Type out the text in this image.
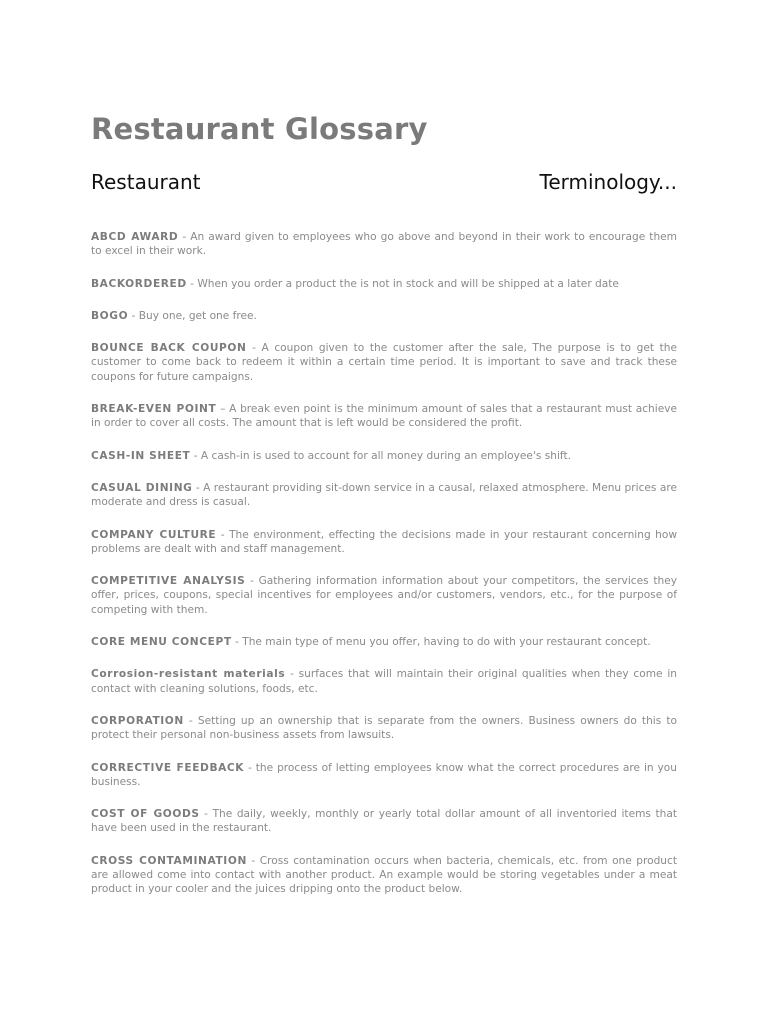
Restaurant Glossary
Restaurant	Terminology...

ABCD AWARD - An award given to employees who go above and beyond in their work to encourage them to excel in their work.

BACKORDERED - When you order a product the is not in stock and will be shipped at a later date

BOGO - Buy one, get one free.

BOUNCE BACK COUPON - A coupon given to the customer after the sale, The purpose is to get the customer to come back to redeem it within a certain time period. It is important to save and track these coupons for future campaigns.

BREAK-EVEN POINT – A break even point is the minimum amount of sales that a restaurant must achieve in order to cover all costs. The amount that is left would be considered the profit.

CASH-IN SHEET - A cash-in is used to account for all money during an employee's shift.

CASUAL DINING - A restaurant providing sit-down service in a causal, relaxed atmosphere. Menu prices are moderate and dress is casual.

COMPANY CULTURE - The environment, effecting the decisions made in your restaurant concerning how problems are dealt with and staff management.

COMPETITIVE ANALYSIS - Gathering information information about your competitors, the services they offer, prices, coupons, special incentives for employees and/or customers, vendors, etc., for the purpose of competing with them.

CORE MENU CONCEPT - The main type of menu you offer, having to do with your restaurant concept.

Corrosion-resistant materials - surfaces that will maintain their original qualities when they come in contact with cleaning solutions, foods, etc.

CORPORATION - Setting up an ownership that is separate from the owners. Business owners do this to protect their personal non-business assets from lawsuits.

CORRECTIVE FEEDBACK - the process of letting employees know what the correct procedures are in you business.

COST OF GOODS - The daily, weekly, monthly or yearly total dollar amount of all inventoried items that have been used in the restaurant.

CROSS CONTAMINATION - Cross contamination occurs when bacteria, chemicals, etc. from one product are allowed come into contact with another product. An example would be storing vegetables under a meat product in your cooler and the juices dripping onto the product below.
